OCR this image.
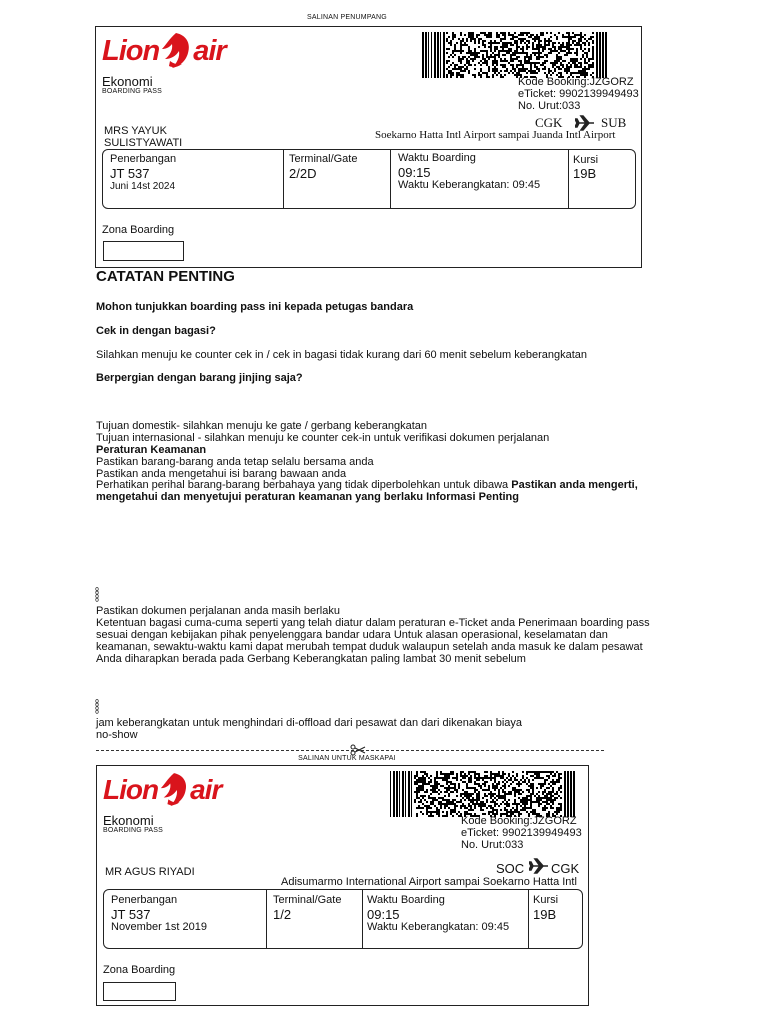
SALINAN PENUMPANG
Lion air
Ekonomi
BOARDING PASS
Kode Booking:JZGORZ
eTicket: 9902139949493
No. Urut:033
CGK	SUB
MRS YAYUK
SULISTYAWATI
Soekarno Hatta Intl Airport sampai Juanda Intl Airport
Penerbangan
JT 537
Juni 14st 2024
Terminal/Gate
2/2D
Waktu Boarding
09:15
Waktu Keberangkatan: 09:45
Kursi
19B
Zona Boarding
CATATAN PENTING
Mohon tunjukkan boarding pass ini kepada petugas bandara
Cek in dengan bagasi?
Silahkan menuju ke counter cek in / cek in bagasi tidak kurang dari 60 menit sebelum keberangkatan
Berpergian dengan barang jinjing saja?
Tujuan domestik- silahkan menuju ke gate / gerbang keberangkatan
Tujuan internasional - silahkan menuju ke counter cek-in untuk verifikasi dokumen perjalanan
Peraturan Keamanan
Pastikan barang-barang anda tetap selalu bersama anda
Pastikan anda mengetahui isi barang bawaan anda
Perhatikan perihal barang-barang berbahaya yang tidak diperbolehkan untuk dibawa Pastikan anda mengerti,
mengetahui dan menyetujui peraturan keamanan yang berlaku Informasi Penting
Pastikan dokumen perjalanan anda masih berlaku
Ketentuan bagasi cuma-cuma seperti yang telah diatur dalam peraturan e-Ticket anda Penerimaan boarding pass
sesuai dengan kebijakan pihak penyelenggara bandar udara Untuk alasan operasional, keselamatan dan
keamanan, sewaktu-waktu kami dapat merubah tempat duduk walaupun setelah anda masuk ke dalam pesawat
Anda diharapkan berada pada Gerbang Keberangkatan paling lambat 30 menit sebelum
jam keberangkatan untuk menghindari di-offload dari pesawat dan dari dikenakan biaya
no-show
SALINAN UNTUK MASKAPAI
Lion air
Ekonomi
BOARDING PASS
Kode Booking:JZGORZ
eTicket: 9902139949493
No. Urut:033
SOC CGK
MR AGUS RIYADI
Adisumarmo International Airport sampai Soekarno Hatta Intl
Penerbangan
JT 537
November 1st 2019
Terminal/Gate
1/2
Waktu Boarding
09:15
Waktu Keberangkatan: 09:45
Kursi
19B
Zona Boarding
